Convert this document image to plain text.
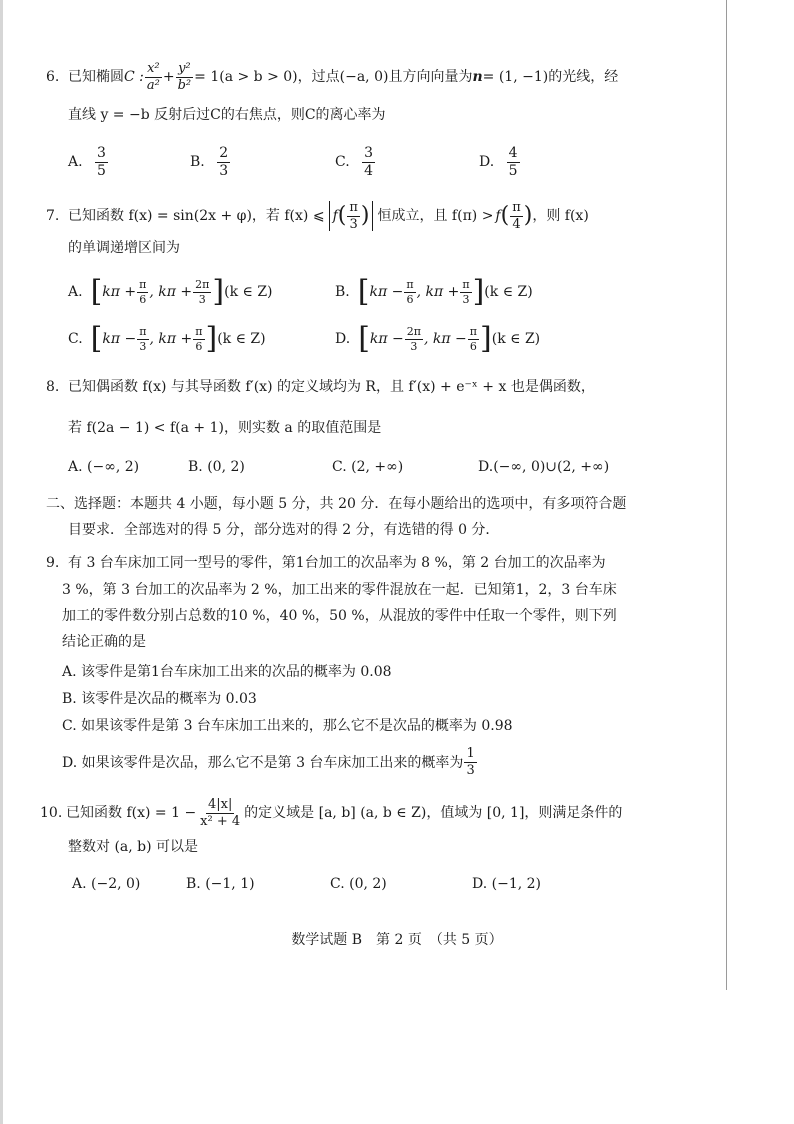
6. 已知椭圆 C : $\frac{\text{x²}}{\text{a²}} + \frac{\text{y²}}{\text{b²}} = 1(a > b > 0)$ ，过点(−a, 0)且方向向量为 n = (1, −1)的光线，经
直线 y = −b 反射后过C的右焦点，则C的离心率为
A. $\frac{3}{5}$	B. $\frac{2}{3}$	C. $\frac{3}{4}$	D. $\frac{4}{5}$
7. 已知函数 f(x) = sin(2x + φ)，若 f(x) ⩽ $f( \frac{\pi}{3}$ ) 恒成立，且 f(π) > f ( $\frac{\pi}{4}$ ) ，则 f(x)
的单调递增区间为
A. [ $k\pi + \frac{\pi}{6}$ , $k\pi + \frac{2\pi}{3}$ ] (k ∈ Z)	B. [ $k\pi - \frac{\pi}{6}$ , $k\pi + \frac{\pi}{3}$ ] (k ∈ Z)
C. [ $k\pi - \frac{\pi}{3}$ , $k\pi + \frac{\pi}{6}$ ] (k ∈ Z)	D. [ $k\pi - \frac{2\pi}{3}$ , $k\pi - \frac{\pi}{6}$ ] (k ∈ Z)
8. 已知偶函数 f(x) 与其导函数 f′(x) 的定义域均为 R，且 f′(x) + e⁻ˣ + x 也是偶函数，
若 f(2a − 1) < f(a + 1)，则实数 a 的取值范围是
A. (−∞, 2)	B. (0, 2)	C. (2, +∞)	D.(−∞, 0)∪(2, +∞)
二、选择题：本题共 4 小题，每小题 5 分，共 20 分．在每小题给出的选项中，有多项符合题
目要求．全部选对的得 5 分，部分选对的得 2 分，有选错的得 0 分．
9. 有 3 台车床加工同一型号的零件，第1台加工的次品率为 8 %，第 2 台加工的次品率为
3 %，第 3 台加工的次品率为 2 %，加工出来的零件混放在一起．已知第1，2，3 台车床
加工的零件数分别占总数的10 %，40 %，50 %，从混放的零件中任取一个零件，则下列
结论正确的是
A. 该零件是第1台车床加工出来的次品的概率为 0.08
B. 该零件是次品的概率为 0.03
C. 如果该零件是第 3 台车床加工出来的，那么它不是次品的概率为 0.98
D. 如果该零件是次品，那么它不是第 3 台车床加工出来的概率为 $\frac{1}{3}$
10. 已知函数 $f(x) = 1 - \frac{4|x|}{\text{x² + 4}}$ 的定义域是 [a, b] (a, b ∈ Z)，值域为 [0, 1]，则满足条件的
整数对 (a, b) 可以是
A. (−2, 0)	B. (−1, 1)	C. (0, 2)	D. (−1, 2)
数学试题 B　第 2 页　（共 5 页）
